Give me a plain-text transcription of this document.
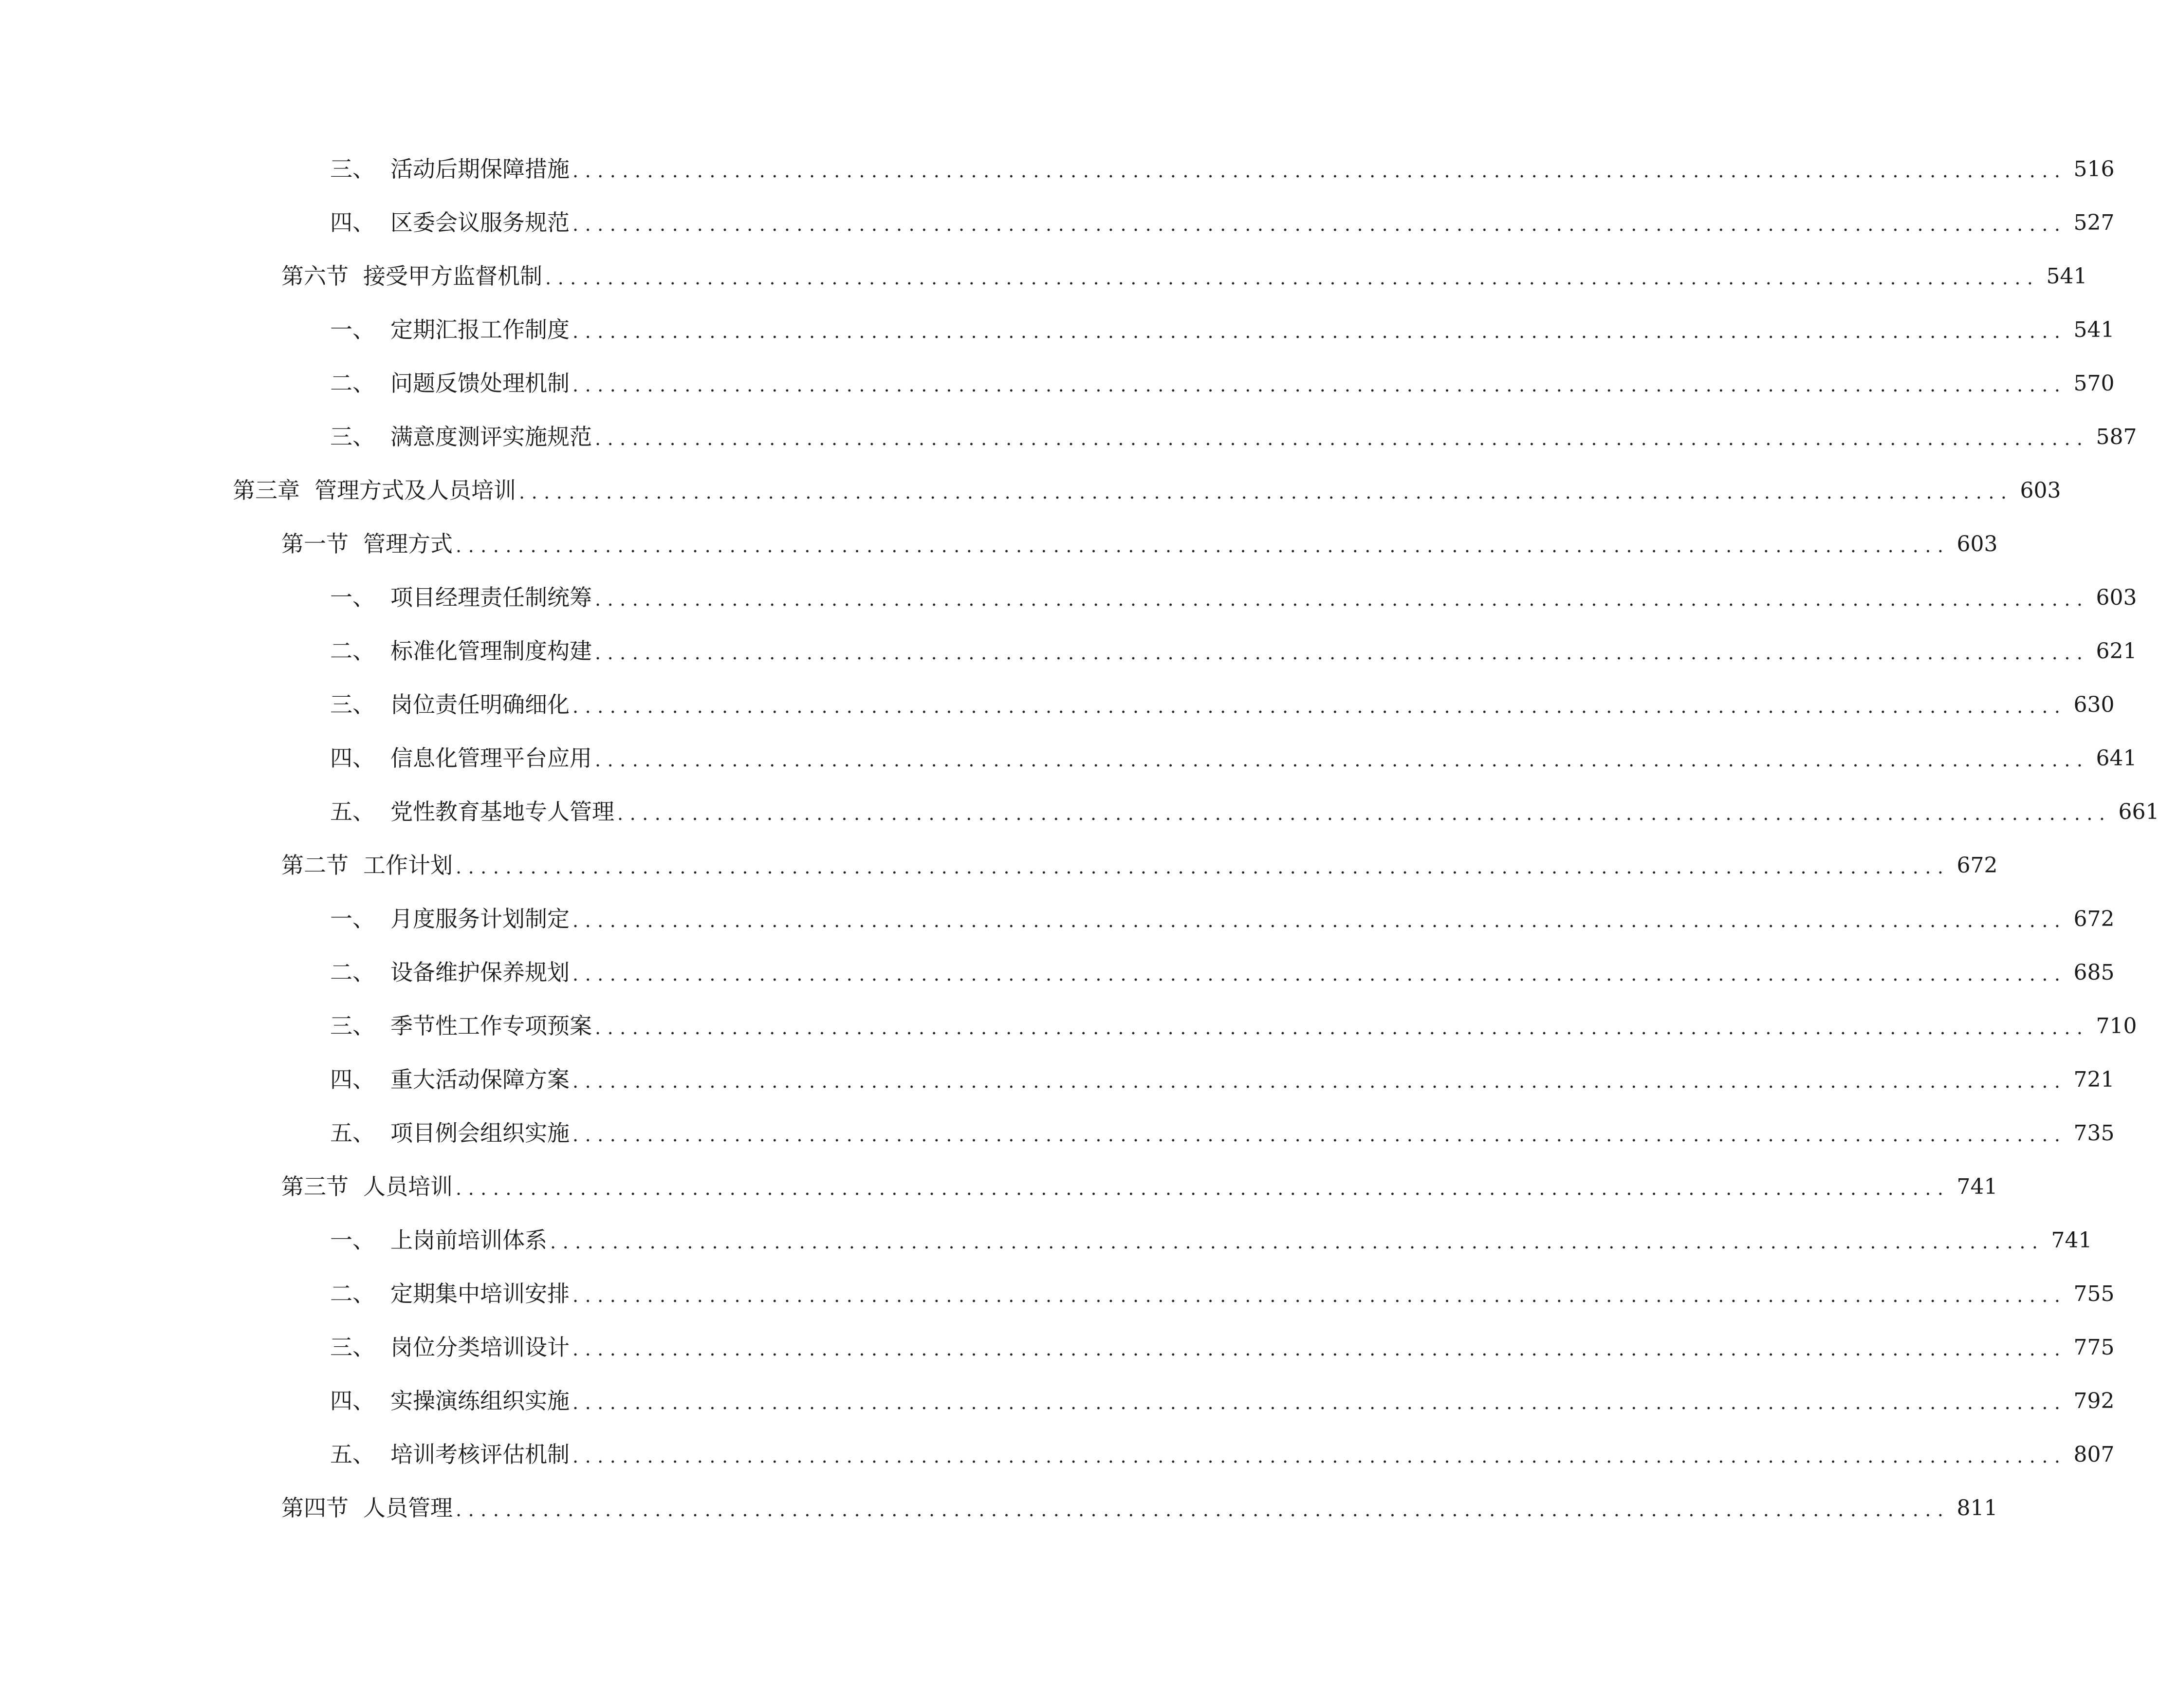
三、 活动后期保障措施 ........................................................................................................................ 516
四、 区委会议服务规范 ........................................................................................................................ 527
第六节 接受甲方监督机制 ........................................................................................................................ 541
一、 定期汇报工作制度 ........................................................................................................................ 541
二、 问题反馈处理机制 ........................................................................................................................ 570
三、 满意度测评实施规范 ........................................................................................................................ 587
第三章 管理方式及人员培训 ........................................................................................................................ 603
第一节 管理方式 ........................................................................................................................ 603
一、 项目经理责任制统筹 ........................................................................................................................ 603
二、 标准化管理制度构建 ........................................................................................................................ 621
三、 岗位责任明确细化 ........................................................................................................................ 630
四、 信息化管理平台应用 ........................................................................................................................ 641
五、 党性教育基地专人管理 ........................................................................................................................ 661
第二节 工作计划 ........................................................................................................................ 672
一、 月度服务计划制定 ........................................................................................................................ 672
二、 设备维护保养规划 ........................................................................................................................ 685
三、 季节性工作专项预案 ........................................................................................................................ 710
四、 重大活动保障方案 ........................................................................................................................ 721
五、 项目例会组织实施 ........................................................................................................................ 735
第三节 人员培训 ........................................................................................................................ 741
一、 上岗前培训体系 ........................................................................................................................ 741
二、 定期集中培训安排 ........................................................................................................................ 755
三、 岗位分类培训设计 ........................................................................................................................ 775
四、 实操演练组织实施 ........................................................................................................................ 792
五、 培训考核评估机制 ........................................................................................................................ 807
第四节 人员管理 ........................................................................................................................ 811
